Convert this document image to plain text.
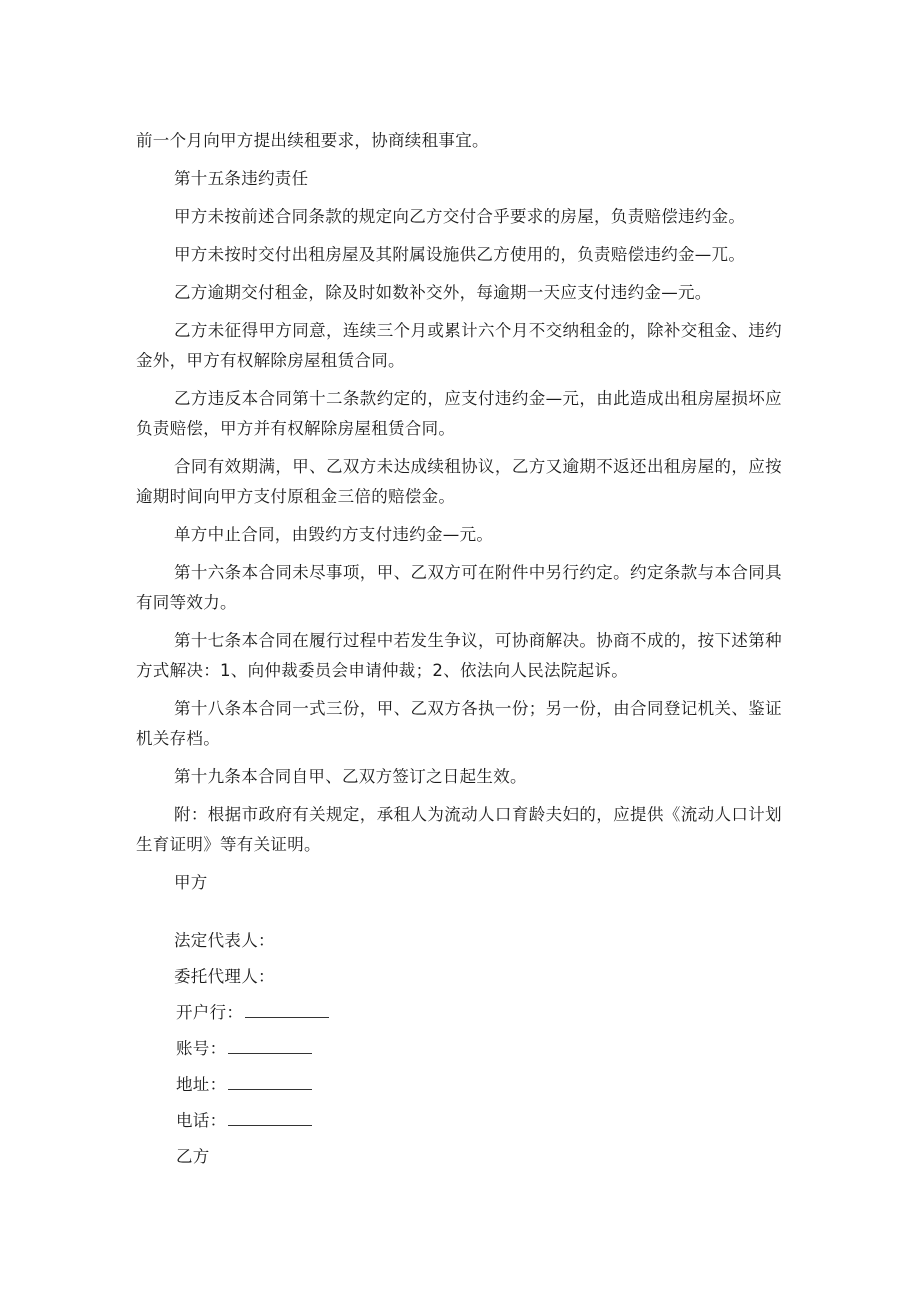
前一个月向甲方提出续租要求，协商续租事宜。

第十五条违约责任

甲方未按前述合同条款的规定向乙方交付合乎要求的房屋，负责赔偿违约金。

甲方未按时交付出租房屋及其附属设施供乙方使用的，负责赔偿违约金—兀。

乙方逾期交付租金，除及时如数补交外，每逾期一天应支付违约金—元。

乙方未征得甲方同意，连续三个月或累计六个月不交纳租金的，除补交租金、违约金外，甲方有权解除房屋租赁合同。

乙方违反本合同第十二条款约定的，应支付违约金—元，由此造成出租房屋损坏应负责赔偿，甲方并有权解除房屋租赁合同。

合同有效期满，甲、乙双方未达成续租协议，乙方又逾期不返还出租房屋的，应按逾期时间向甲方支付原租金三倍的赔偿金。

单方中止合同，由毁约方支付违约金—元。

第十六条本合同未尽事项，甲、乙双方可在附件中另行约定。约定条款与本合同具有同等效力。

第十七条本合同在履行过程中若发生争议，可协商解决。协商不成的，按下述第种方式解决：1、向仲裁委员会申请仲裁；2、依法向人民法院起诉。

第十八条本合同一式三份，甲、乙双方各执一份；另一份，由合同登记机关、鉴证机关存档。

第十九条本合同自甲、乙双方签订之日起生效。

附：根据市政府有关规定，承租人为流动人口育龄夫妇的，应提供《流动人口计划生育证明》等有关证明。

甲方
法定代表人：
委托代理人：
开户行：
账号：
地址：
电话：
乙方
